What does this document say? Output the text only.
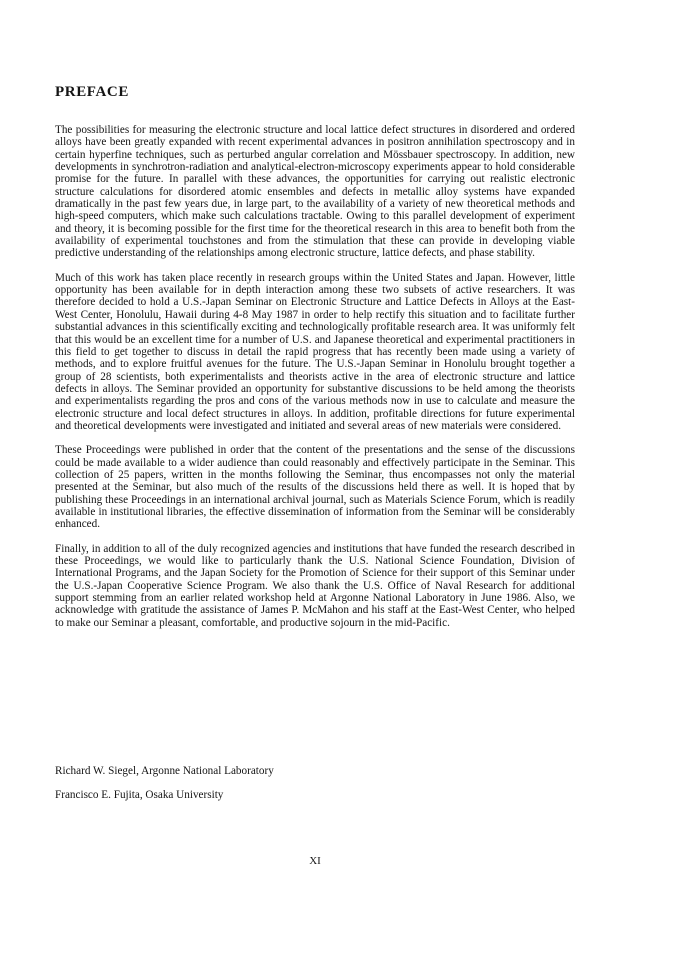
PREFACE

The possibilities for measuring the electronic structure and local lattice defect structures in disordered and ordered alloys have been greatly expanded with recent experimental advances in positron annihilation spectroscopy and in certain hyperfine techniques, such as perturbed angular correlation and Mössbauer spectroscopy. In addition, new developments in synchrotron-radiation and analytical-electron-microscopy experiments appear to hold considerable promise for the future. In parallel with these advances, the opportunities for carrying out realistic electronic structure calculations for disordered atomic ensembles and defects in metallic alloy systems have expanded dramatically in the past few years due, in large part, to the availability of a variety of new theoretical methods and high-speed computers, which make such calculations tractable. Owing to this parallel development of experiment and theory, it is becoming possible for the first time for the theoretical research in this area to benefit both from the availability of experimental touchstones and from the stimulation that these can provide in developing viable predictive understanding of the relationships among electronic structure, lattice defects, and phase stability.

Much of this work has taken place recently in research groups within the United States and Japan. However, little opportunity has been available for in depth interaction among these two subsets of active researchers. It was therefore decided to hold a U.S.-Japan Seminar on Electronic Structure and Lattice Defects in Alloys at the East-West Center, Honolulu, Hawaii during 4-8 May 1987 in order to help rectify this situation and to facilitate further substantial advances in this scientifically exciting and technologically profitable research area. It was uniformly felt that this would be an excellent time for a number of U.S. and Japanese theoretical and experimental practitioners in this field to get together to discuss in detail the rapid progress that has recently been made using a variety of methods, and to explore fruitful avenues for the future. The U.S.-Japan Seminar in Honolulu brought together a group of 28 scientists, both experimentalists and theorists active in the area of electronic structure and lattice defects in alloys. The Seminar provided an opportunity for substantive discussions to be held among the theorists and experimentalists regarding the pros and cons of the various methods now in use to calculate and measure the electronic structure and local defect structures in alloys. In addition, profitable directions for future experimental and theoretical developments were investigated and initiated and several areas of new materials were considered.

These Proceedings were published in order that the content of the presentations and the sense of the discussions could be made available to a wider audience than could reasonably and effectively participate in the Seminar. This collection of 25 papers, written in the months following the Seminar, thus encompasses not only the material presented at the Seminar, but also much of the results of the discussions held there as well. It is hoped that by publishing these Proceedings in an international archival journal, such as Materials Science Forum, which is readily available in institutional libraries, the effective dissemination of information from the Seminar will be considerably enhanced.

Finally, in addition to all of the duly recognized agencies and institutions that have funded the research described in these Proceedings, we would like to particularly thank the U.S. National Science Foundation, Division of International Programs, and the Japan Society for the Promotion of Science for their support of this Seminar under the U.S.-Japan Cooperative Science Program. We also thank the U.S. Office of Naval Research for additional support stemming from an earlier related workshop held at Argonne National Laboratory in June 1986. Also, we acknowledge with gratitude the assistance of James P. McMahon and his staff at the East-West Center, who helped to make our Seminar a pleasant, comfortable, and productive sojourn in the mid-Pacific.

Richard W. Siegel, Argonne National Laboratory

Francisco E. Fujita, Osaka University

XI
